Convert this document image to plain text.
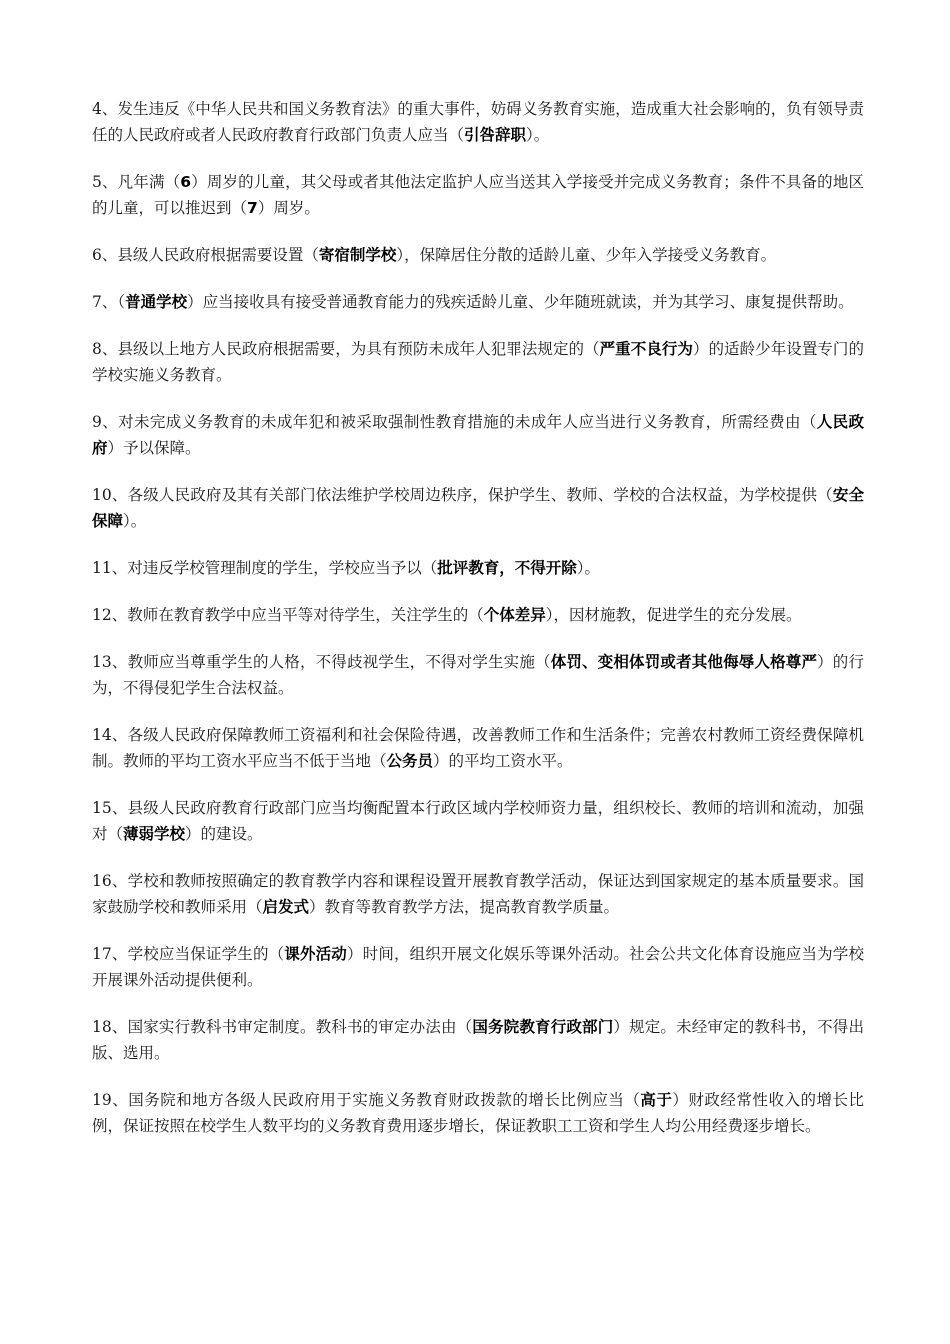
4、发生违反《中华人民共和国义务教育法》的重大事件，妨碍义务教育实施，造成重大社会影响的，负有领导责任的人民政府或者人民政府教育行政部门负责人应当（引咎辞职）。

5、凡年满（6）周岁的儿童，其父母或者其他法定监护人应当送其入学接受并完成义务教育；条件不具备的地区的儿童，可以推迟到（7）周岁。

6、县级人民政府根据需要设置（寄宿制学校），保障居住分散的适龄儿童、少年入学接受义务教育。

7、（普通学校）应当接收具有接受普通教育能力的残疾适龄儿童、少年随班就读，并为其学习、康复提供帮助。

8、县级以上地方人民政府根据需要，为具有预防未成年人犯罪法规定的（严重不良行为）的适龄少年设置专门的学校实施义务教育。

9、对未完成义务教育的未成年犯和被采取强制性教育措施的未成年人应当进行义务教育，所需经费由（人民政府）予以保障。

10、各级人民政府及其有关部门依法维护学校周边秩序，保护学生、教师、学校的合法权益，为学校提供（安全保障）。

11、对违反学校管理制度的学生，学校应当予以（批评教育，不得开除）。

12、教师在教育教学中应当平等对待学生，关注学生的（个体差异），因材施教，促进学生的充分发展。

13、教师应当尊重学生的人格，不得歧视学生，不得对学生实施（体罚、变相体罚或者其他侮辱人格尊严）的行为，不得侵犯学生合法权益。

14、各级人民政府保障教师工资福利和社会保险待遇，改善教师工作和生活条件；完善农村教师工资经费保障机制。教师的平均工资水平应当不低于当地（公务员）的平均工资水平。

15、县级人民政府教育行政部门应当均衡配置本行政区域内学校师资力量，组织校长、教师的培训和流动，加强对（薄弱学校）的建设。

16、学校和教师按照确定的教育教学内容和课程设置开展教育教学活动，保证达到国家规定的基本质量要求。国家鼓励学校和教师采用（启发式）教育等教育教学方法，提高教育教学质量。

17、学校应当保证学生的（课外活动）时间，组织开展文化娱乐等课外活动。社会公共文化体育设施应当为学校开展课外活动提供便利。

18、国家实行教科书审定制度。教科书的审定办法由（国务院教育行政部门）规定。未经审定的教科书，不得出版、选用。

19、国务院和地方各级人民政府用于实施义务教育财政拨款的增长比例应当（高于）财政经常性收入的增长比例，保证按照在校学生人数平均的义务教育费用逐步增长，保证教职工工资和学生人均公用经费逐步增长。
